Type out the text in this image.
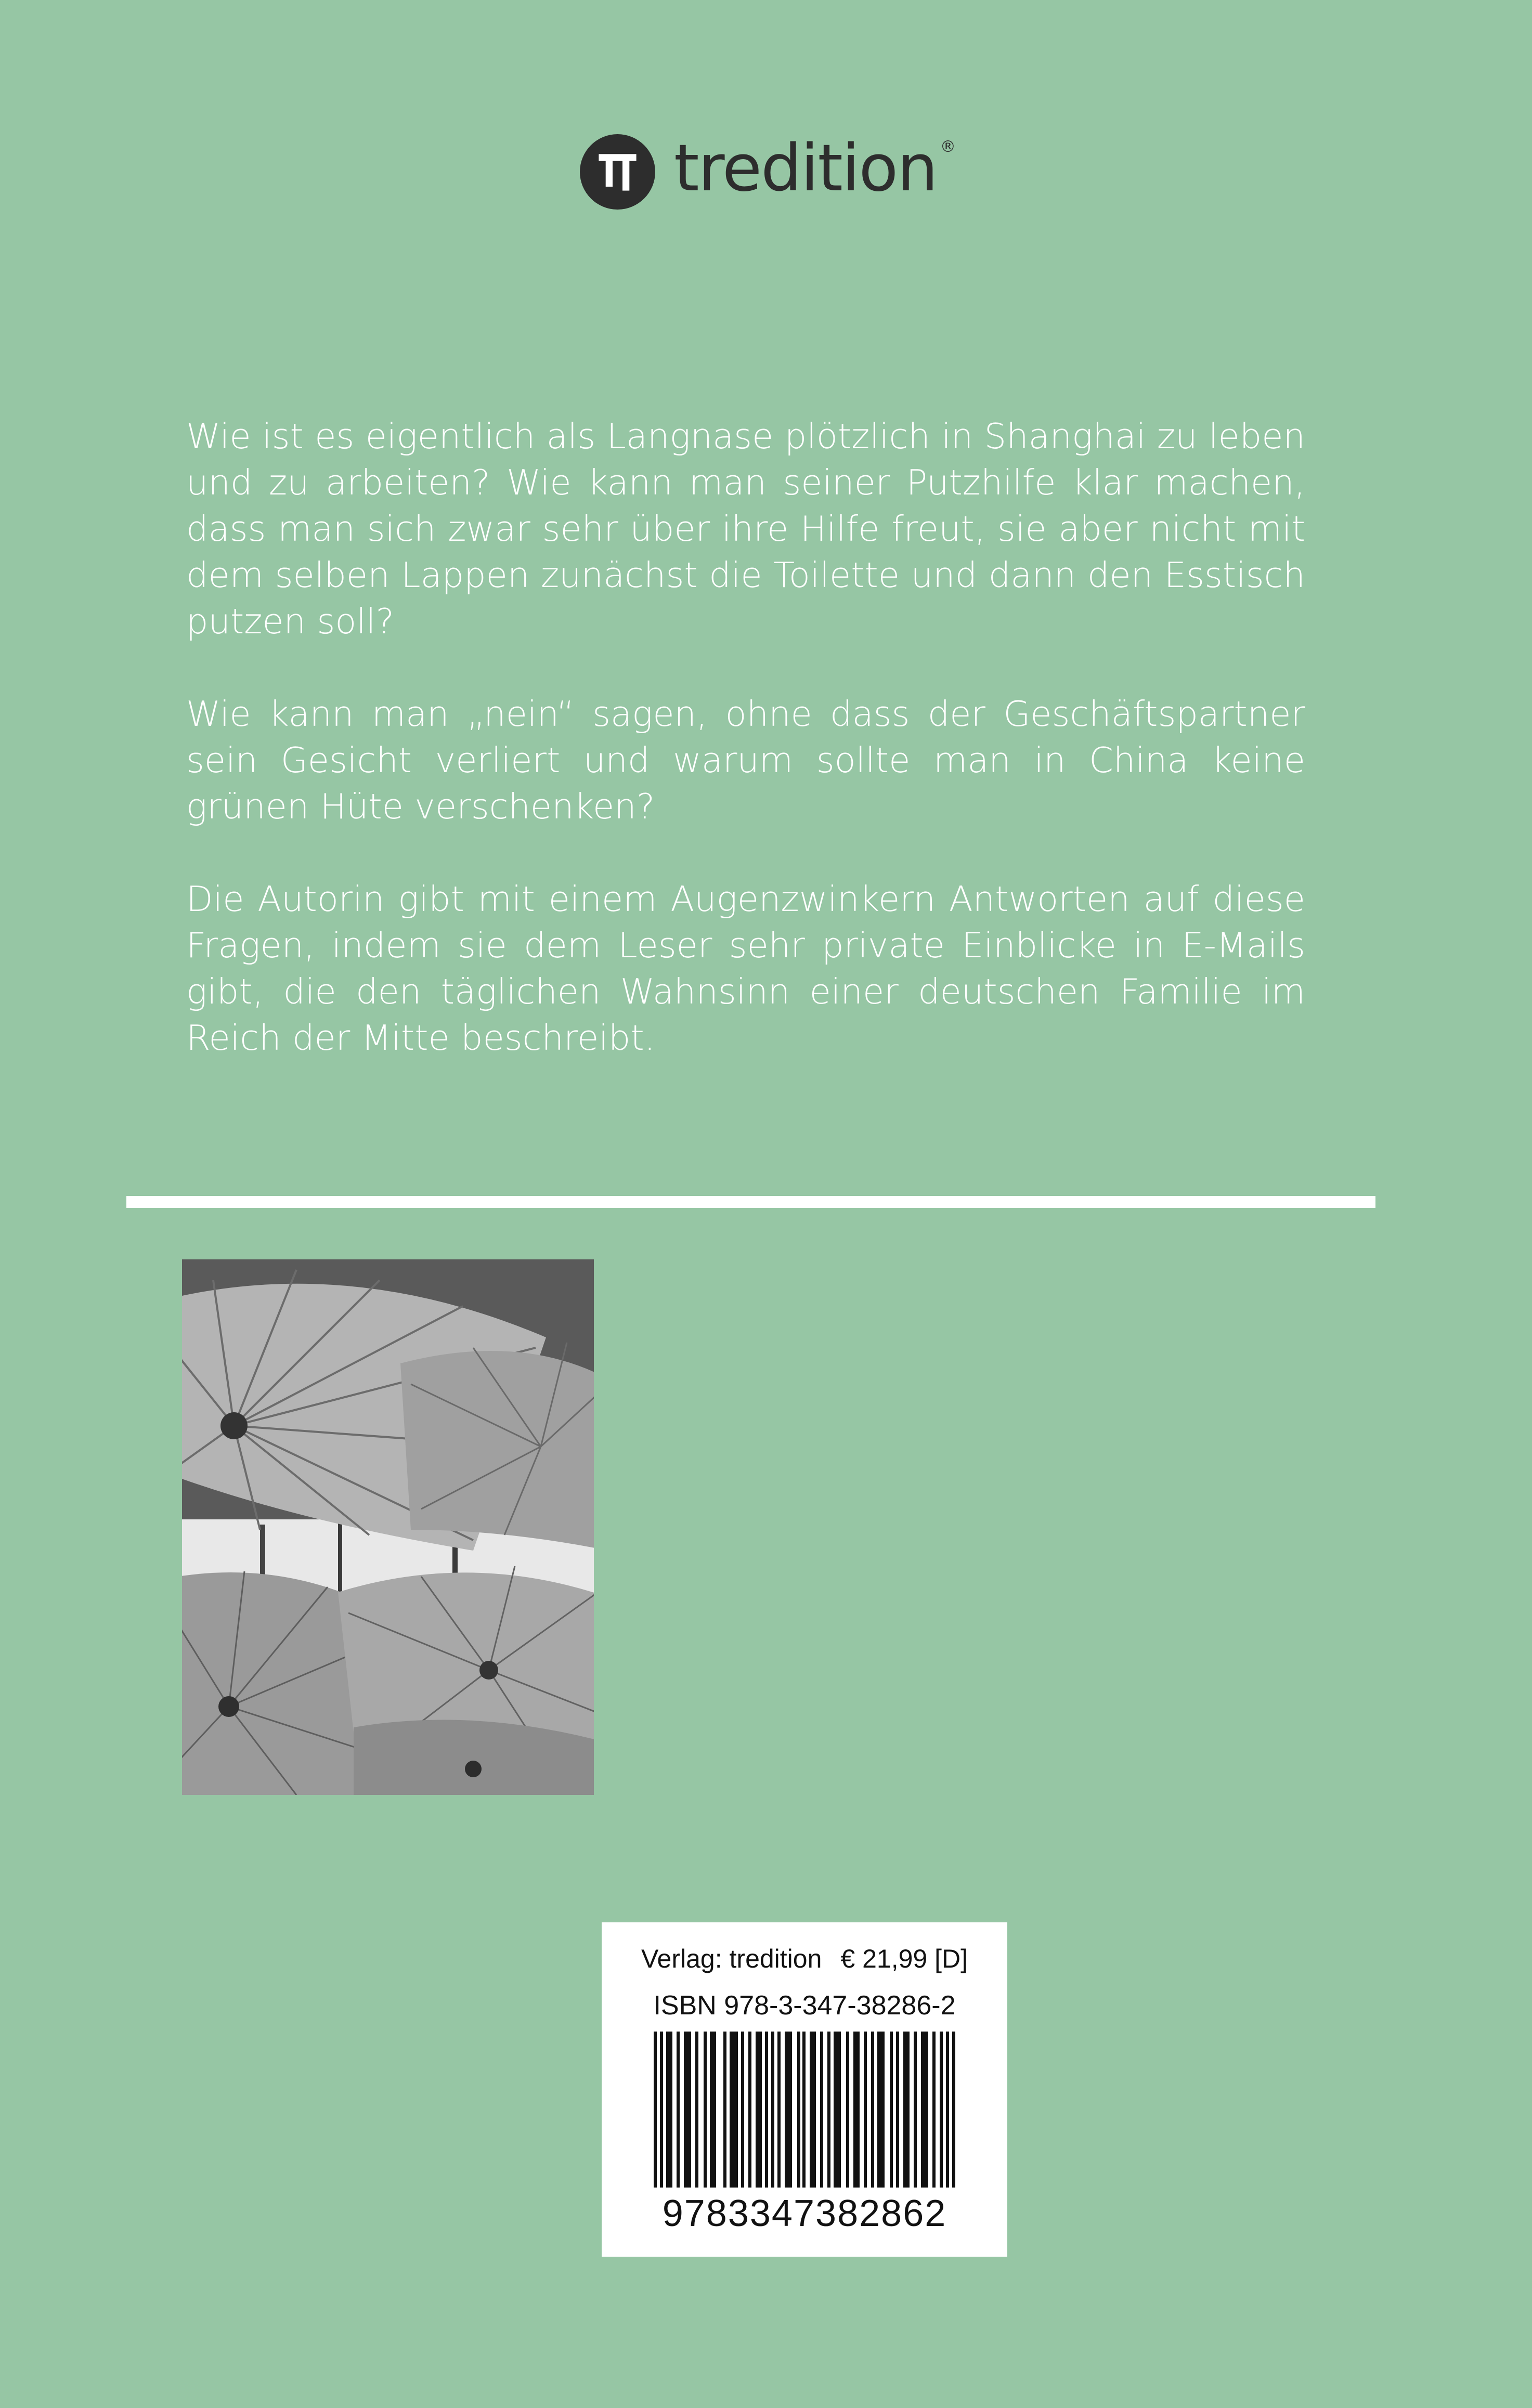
tredition ®

Wie ist es eigentlich als Langnase plötzlich in Shanghai zu leben und zu arbeiten? Wie kann man seiner Putzhilfe klar machen, dass man sich zwar sehr über ihre Hilfe freut, sie aber nicht mit dem selben Lappen zunächst die Toilette und dann den Esstisch putzen soll?

Wie kann man „nein“ sagen, ohne dass der Geschäftspartner sein Gesicht verliert und warum sollte man in China keine grünen Hüte verschenken?

Die Autorin gibt mit einem Augenzwinkern Antworten auf diese Fragen, indem sie dem Leser sehr private Einblicke in E-Mails gibt, die den täglichen Wahnsinn einer deutschen Familie im Reich der Mitte beschreibt.

Verlag: tredition € 21,99 [D]
ISBN 978-3-347-38286-2
9783347382862
